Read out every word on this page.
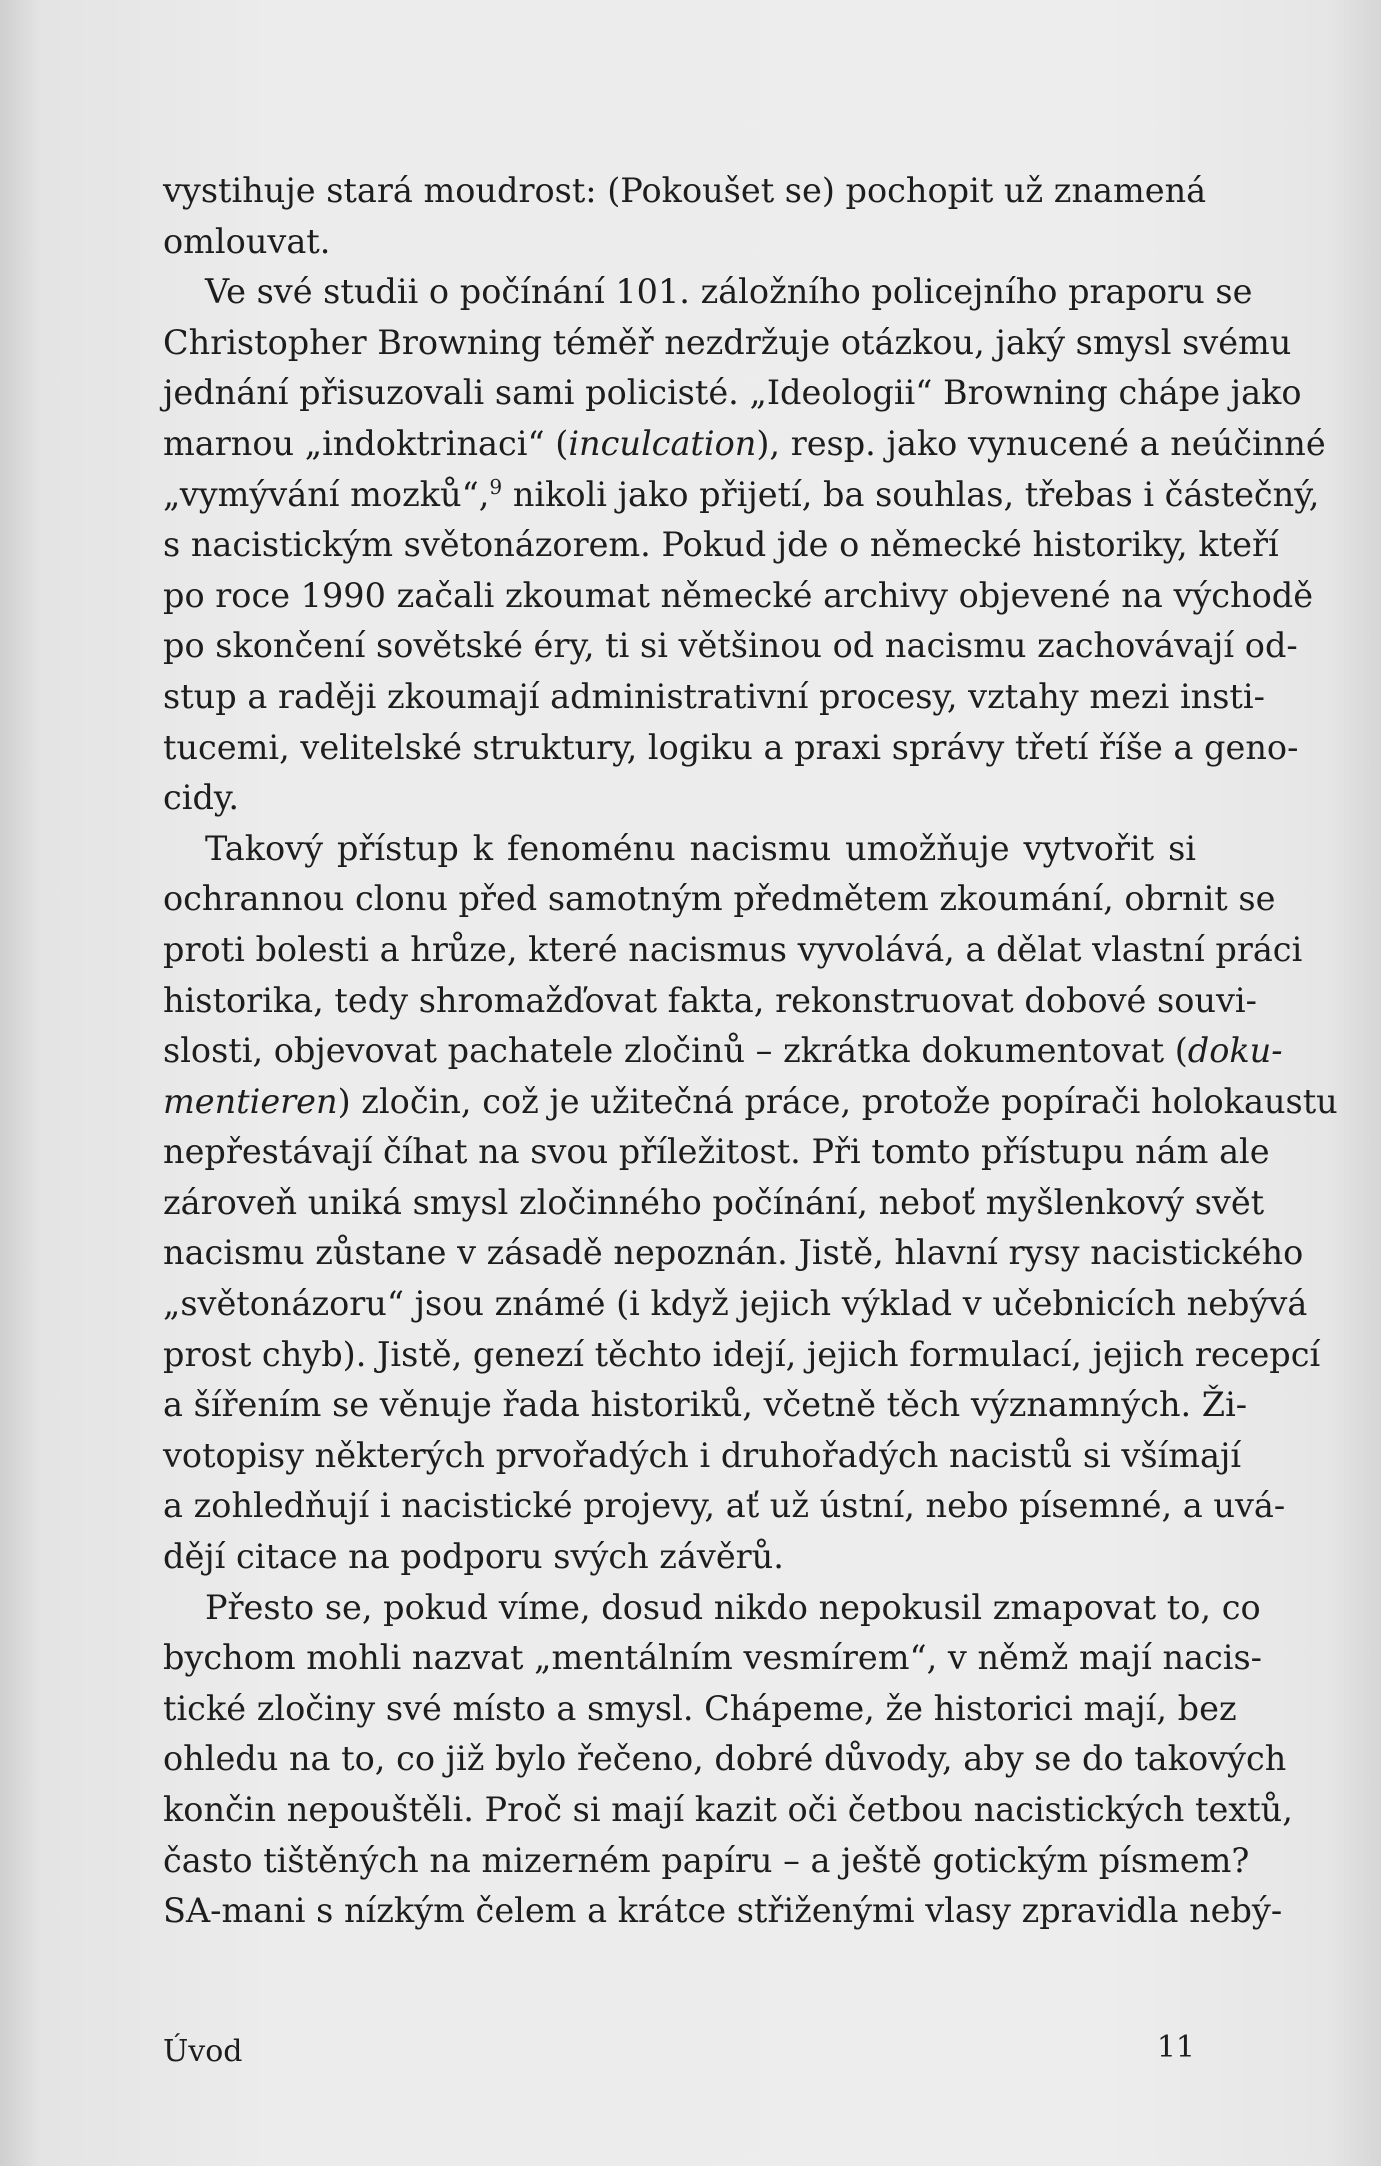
vystihuje stará moudrost: (Pokoušet se) pochopit už znamená
omlouvat.
Ve své studii o počínání 101. záložního policejního praporu se
Christopher Browning téměř nezdržuje otázkou, jaký smysl svému
jednání přisuzovali sami policisté. „Ideologii“ Browning chápe jako
marnou „indoktrinaci“ (inculcation), resp. jako vynucené a neúčinné
„vymývání mozků“,$^9$ nikoli jako přijetí, ba souhlas, třebas i částečný,
s nacistickým světonázorem. Pokud jde o německé historiky, kteří
po roce 1990 začali zkoumat německé archivy objevené na východě
po skončení sovětské éry, ti si většinou od nacismu zachovávají od-
stup a raději zkoumají administrativní procesy, vztahy mezi insti-
tucemi, velitelské struktury, logiku a praxi správy třetí říše a geno-
cidy.
Takový přístup k fenoménu nacismu umožňuje vytvořit si
ochrannou clonu před samotným předmětem zkoumání, obrnit se
proti bolesti a hrůze, které nacismus vyvolává, a dělat vlastní práci
historika, tedy shromažďovat fakta, rekonstruovat dobové souvi-
slosti, objevovat pachatele zločinů – zkrátka dokumentovat (doku-
mentieren) zločin, což je užitečná práce, protože popírači holokaustu
nepřestávají číhat na svou příležitost. Při tomto přístupu nám ale
zároveň uniká smysl zločinného počínání, neboť myšlenkový svět
nacismu zůstane v zásadě nepoznán. Jistě, hlavní rysy nacistického
„světonázoru“ jsou známé (i když jejich výklad v učebnicích nebývá
prost chyb). Jistě, genezí těchto idejí, jejich formulací, jejich recepcí
a šířením se věnuje řada historiků, včetně těch významných. Ži-
votopisy některých prvořadých i druhořadých nacistů si všímají
a zohledňují i nacistické projevy, ať už ústní, nebo písemné, a uvá-
dějí citace na podporu svých závěrů.
Přesto se, pokud víme, dosud nikdo nepokusil zmapovat to, co
bychom mohli nazvat „mentálním vesmírem“, v němž mají nacis-
tické zločiny své místo a smysl. Chápeme, že historici mají, bez
ohledu na to, co již bylo řečeno, dobré důvody, aby se do takových
končin nepouštěli. Proč si mají kazit oči četbou nacistických textů,
často tištěných na mizerném papíru – a ještě gotickým písmem?
SA-mani s nízkým čelem a krátce střiženými vlasy zpravidla nebý-
Úvod	11
